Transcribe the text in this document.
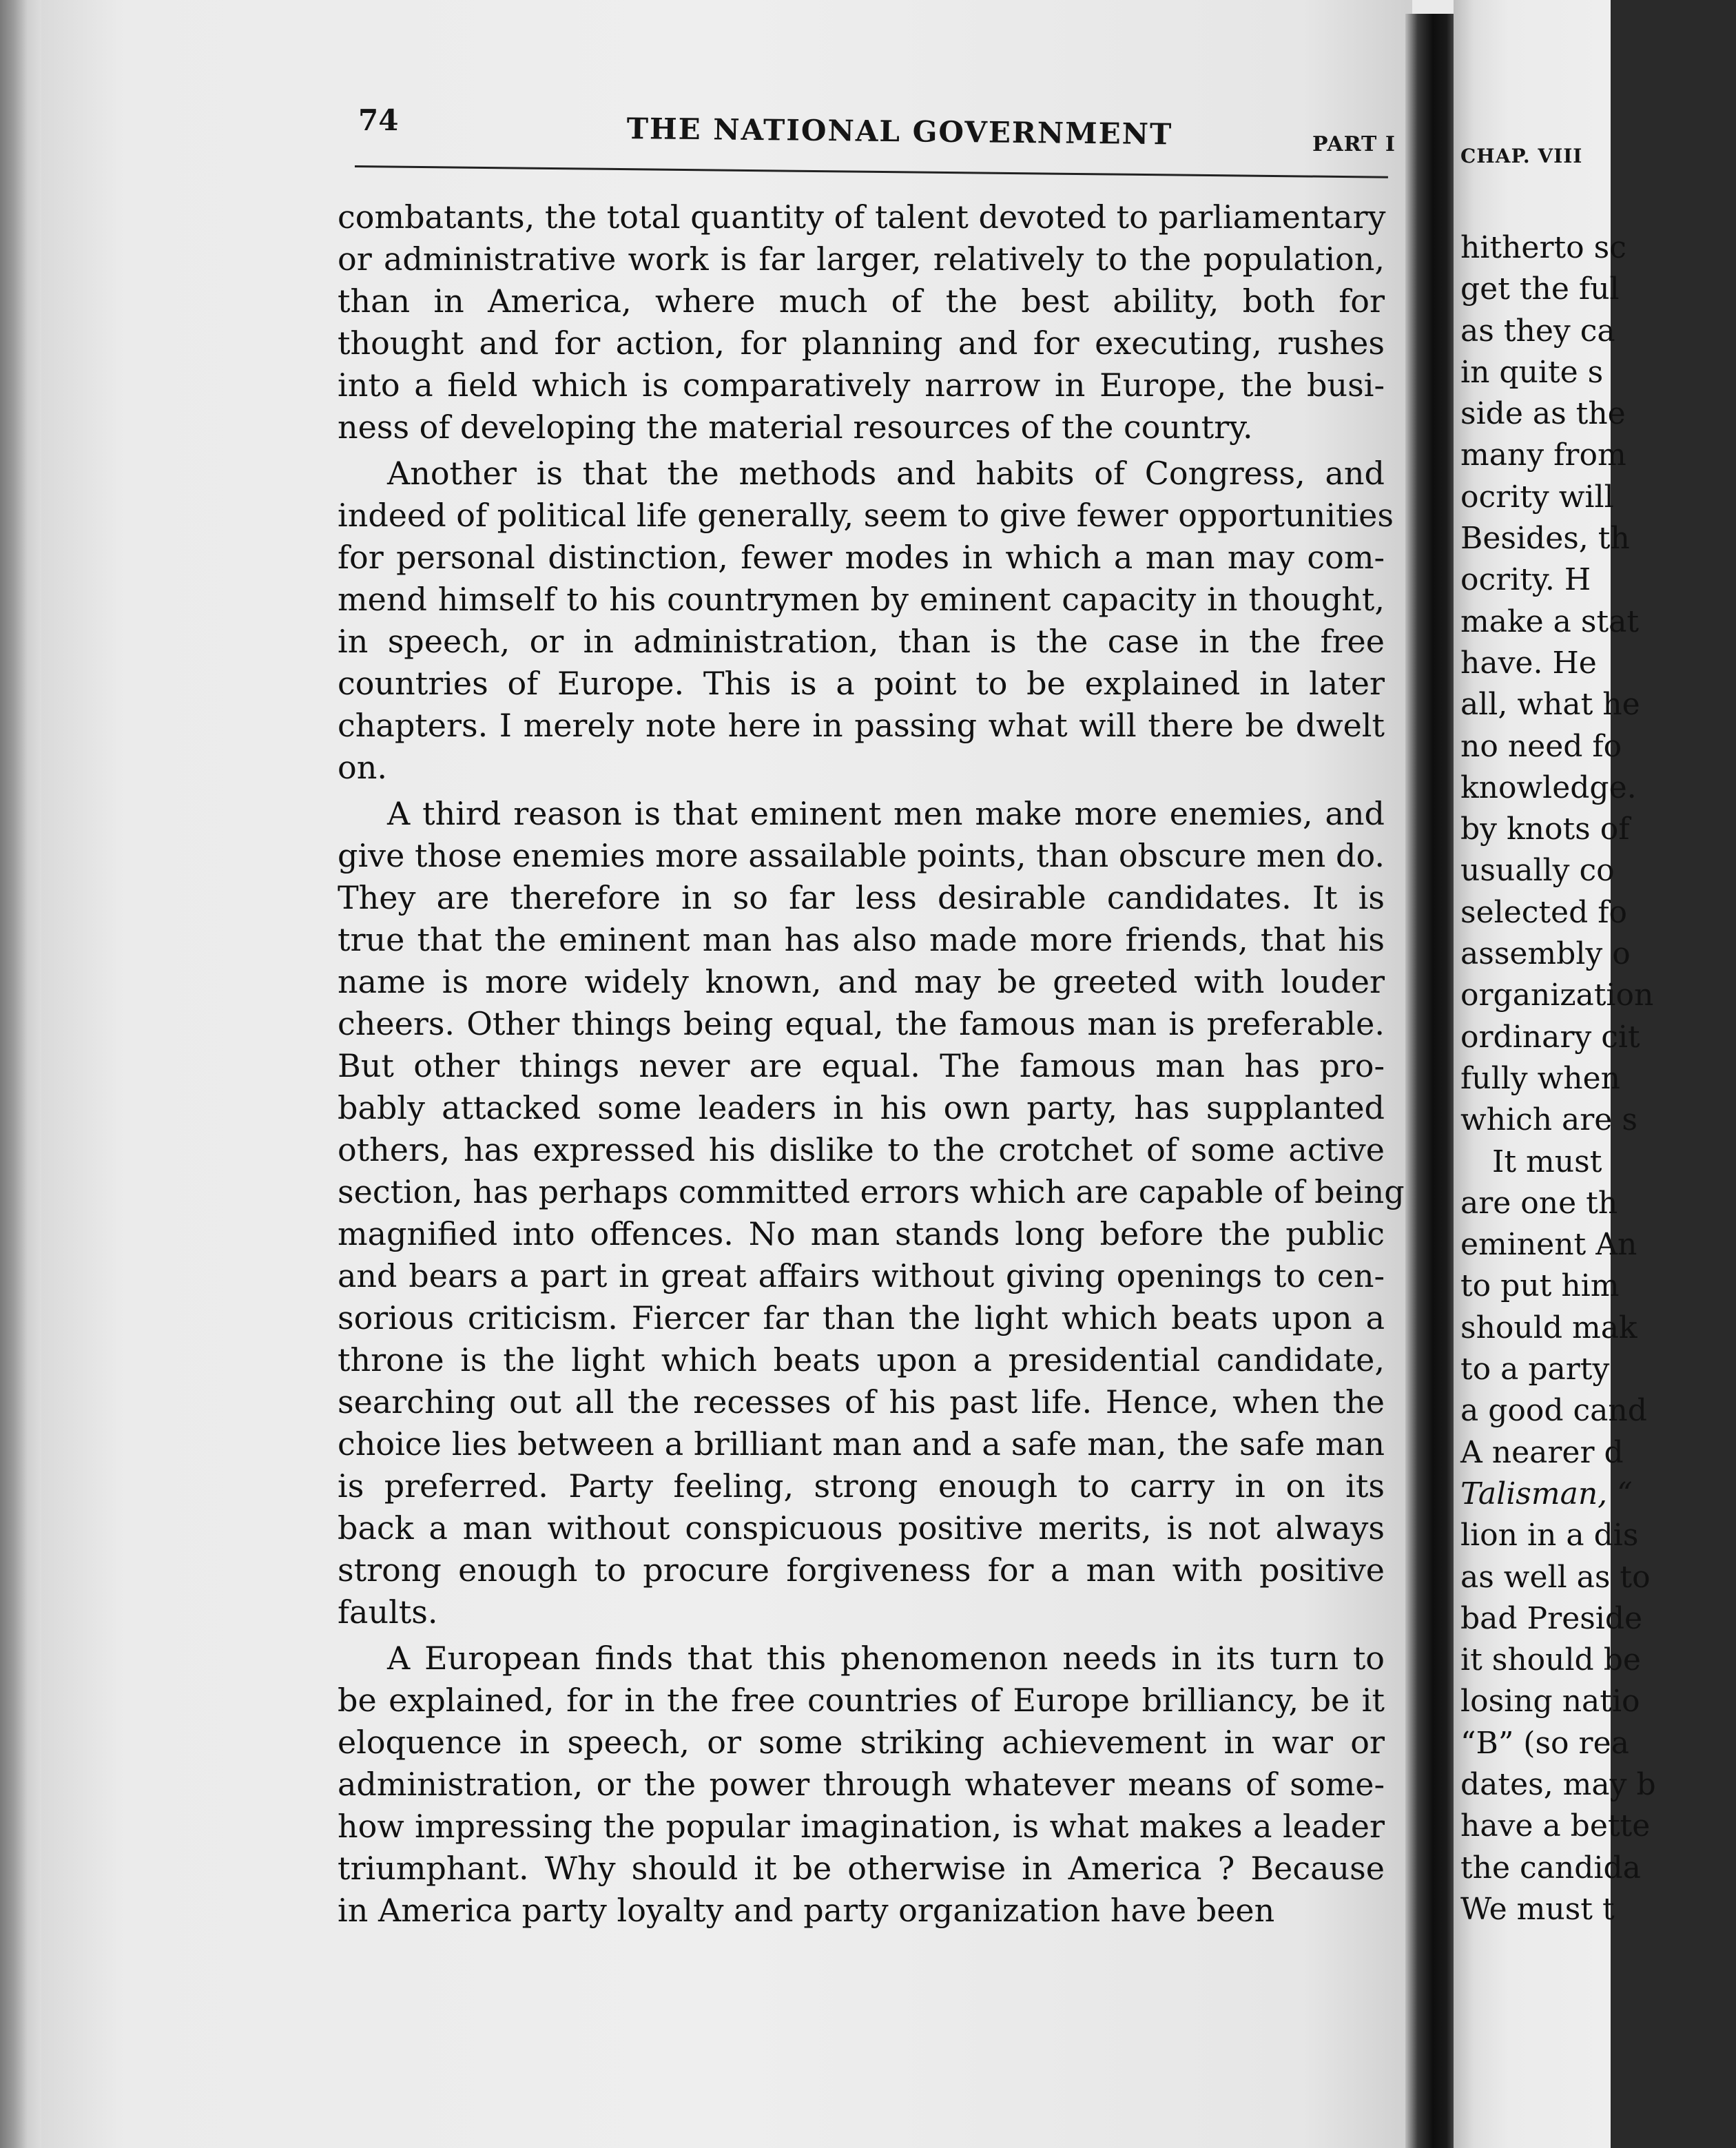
74	THE NATIONAL GOVERNMENT	PART I
combatants, the total quantity of talent devoted to parliamentary
or administrative work is far larger, relatively to the population,
than in America, where much of the best ability, both for
thought and for action, for planning and for executing, rushes
into a field which is comparatively narrow in Europe, the busi-
ness of developing the material resources of the country.
Another is that the methods and habits of Congress, and
indeed of political life generally, seem to give fewer opportunities
for personal distinction, fewer modes in which a man may com-
mend himself to his countrymen by eminent capacity in thought,
in speech, or in administration, than is the case in the free
countries of Europe. This is a point to be explained in later
chapters. I merely note here in passing what will there be dwelt
on.
A third reason is that eminent men make more enemies, and
give those enemies more assailable points, than obscure men do.
They are therefore in so far less desirable candidates. It is
true that the eminent man has also made more friends, that his
name is more widely known, and may be greeted with louder
cheers. Other things being equal, the famous man is preferable.
But other things never are equal. The famous man has pro-
bably attacked some leaders in his own party, has supplanted
others, has expressed his dislike to the crotchet of some active
section, has perhaps committed errors which are capable of being
magnified into offences. No man stands long before the public
and bears a part in great affairs without giving openings to cen-
sorious criticism. Fiercer far than the light which beats upon a
throne is the light which beats upon a presidential candidate,
searching out all the recesses of his past life. Hence, when the
choice lies between a brilliant man and a safe man, the safe man
is preferred. Party feeling, strong enough to carry in on its
back a man without conspicuous positive merits, is not always
strong enough to procure forgiveness for a man with positive
faults.
A European finds that this phenomenon needs in its turn to
be explained, for in the free countries of Europe brilliancy, be it
eloquence in speech, or some striking achievement in war or
administration, or the power through whatever means of some-
how impressing the popular imagination, is what makes a leader
triumphant. Why should it be otherwise in America ? Because
in America party loyalty and party organization have been
CHAP. VIII
hitherto sc
get the ful
as they ca
in quite s
side as the
many from
ocrity will
Besides, th
ocrity. H
make a stat
have. He
all, what he
no need fo
knowledge.
by knots of
usually co
selected fo
assembly o
organization
ordinary cit
fully when
which are s
It must
are one th
eminent An
to put him
should mak
to a party
a good cand
A nearer d
Talisman, “
lion in a dis
as well as to
bad Preside
it should be
losing natio
“B” (so rea
dates, may b
have a bette
the candida
We must t
